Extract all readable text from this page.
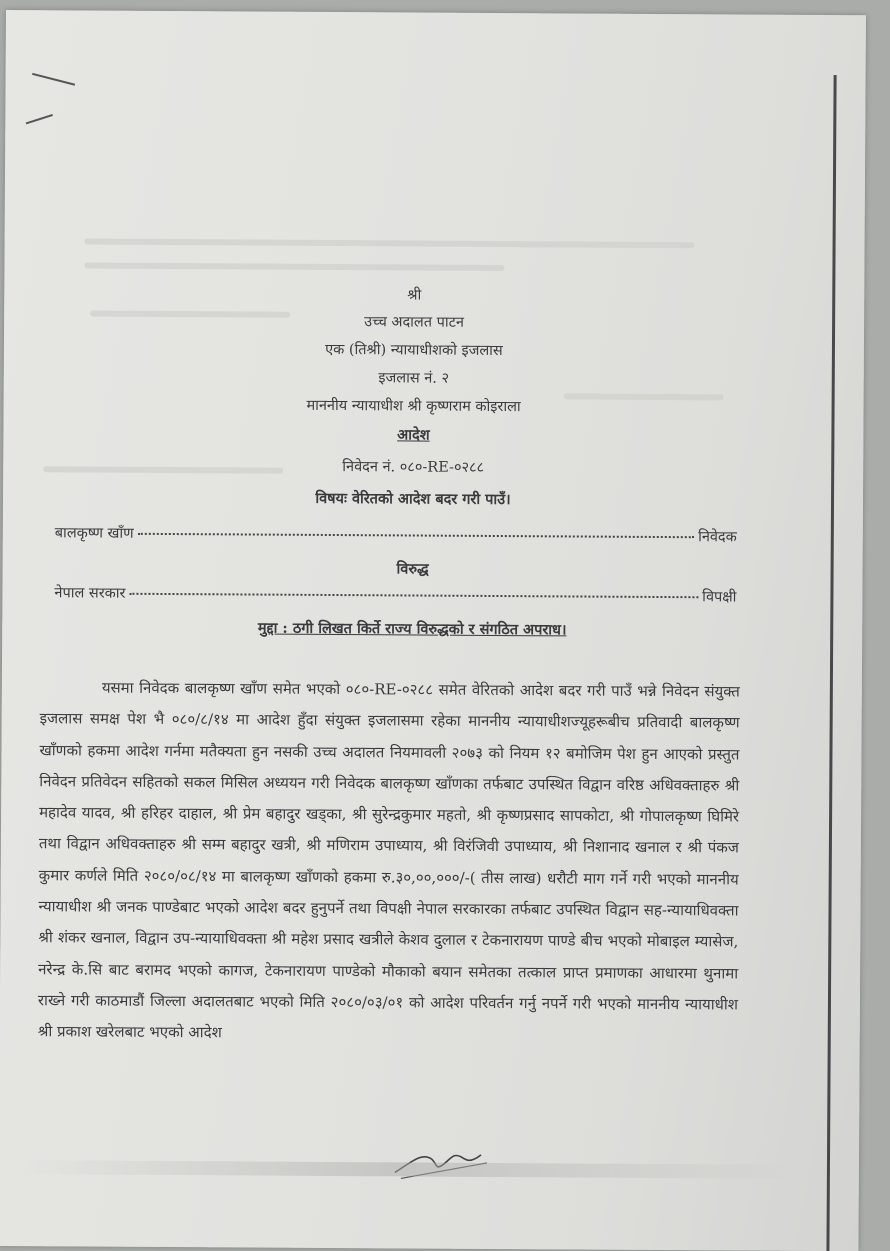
श्री
उच्च अदालत पाटन
एक (तिश्री) न्यायाधीशको इजलास
इजलास नं. २
माननीय न्यायाधीश श्री कृष्णराम कोइराला
आदेश
निवेदन नं. ०८०-RE-०२८८
विषयः वेरितको आदेश बदर गरी पाउँ।
बालकृष्ण खाँण	निवेदक
विरुद्ध
नेपाल सरकार	विपक्षी
मुद्दा : ठगी लिखत किर्ते राज्य विरुद्धको र संगठित अपराध।

यसमा निवेदक बालकृष्ण खाँण समेत भएको ०८०-RE-०२८८ समेत वेरितको आदेश बदर गरी पाउँ भन्ने निवेदन संयुक्त इजलास समक्ष पेश भै ०८०/८/१४ मा आदेश हुँदा संयुक्त इजलासमा रहेका माननीय न्यायाधीशज्यूहरूबीच प्रतिवादी बालकृष्ण खाँणको हकमा आदेश गर्नमा मतैक्यता हुन नसकी उच्च अदालत नियमावली २०७३ को नियम १२ बमोजिम पेश हुन आएको प्रस्तुत निवेदन प्रतिवेदन सहितको सकल मिसिल अध्ययन गरी निवेदक बालकृष्ण खाँणका तर्फबाट उपस्थित विद्वान वरिष्ठ अधिवक्ताहरु श्री महादेव यादव, श्री हरिहर दाहाल, श्री प्रेम बहादुर खड्का, श्री सुरेन्द्रकुमार महतो, श्री कृष्णप्रसाद सापकोटा, श्री गोपालकृष्ण घिमिरे तथा विद्वान अधिवक्ताहरु श्री सम्म बहादुर खत्री, श्री मणिराम उपाध्याय, श्री विरंजिवी उपाध्याय, श्री निशानाद खनाल र श्री पंकज कुमार कर्णले मिति २०८०/०८/१४ मा बालकृष्ण खाँणको हकमा रु.३०,००,०००/-( तीस लाख) धरौटी माग गर्ने गरी भएको माननीय न्यायाधीश श्री जनक पाण्डेबाट भएको आदेश बदर हुनुपर्ने तथा विपक्षी नेपाल सरकारका तर्फबाट उपस्थित विद्वान सह-न्यायाधिवक्ता श्री शंकर खनाल, विद्वान उप-न्यायाधिवक्ता श्री महेश प्रसाद खत्रीले केशव दुलाल र टेकनारायण पाण्डे बीच भएको मोबाइल म्यासेज, नरेन्द्र के.सि बाट बरामद भएको कागज, टेकनारायण पाण्डेको मौकाको बयान समेतका तत्काल प्राप्त प्रमाणका आधारमा थुनामा राख्ने गरी काठमाडौं जिल्ला अदालतबाट भएको मिति २०८०/०३/०१ को आदेश परिवर्तन गर्नु नपर्ने गरी भएको माननीय न्यायाधीश श्री प्रकाश खरेलबाट भएको आदेश
